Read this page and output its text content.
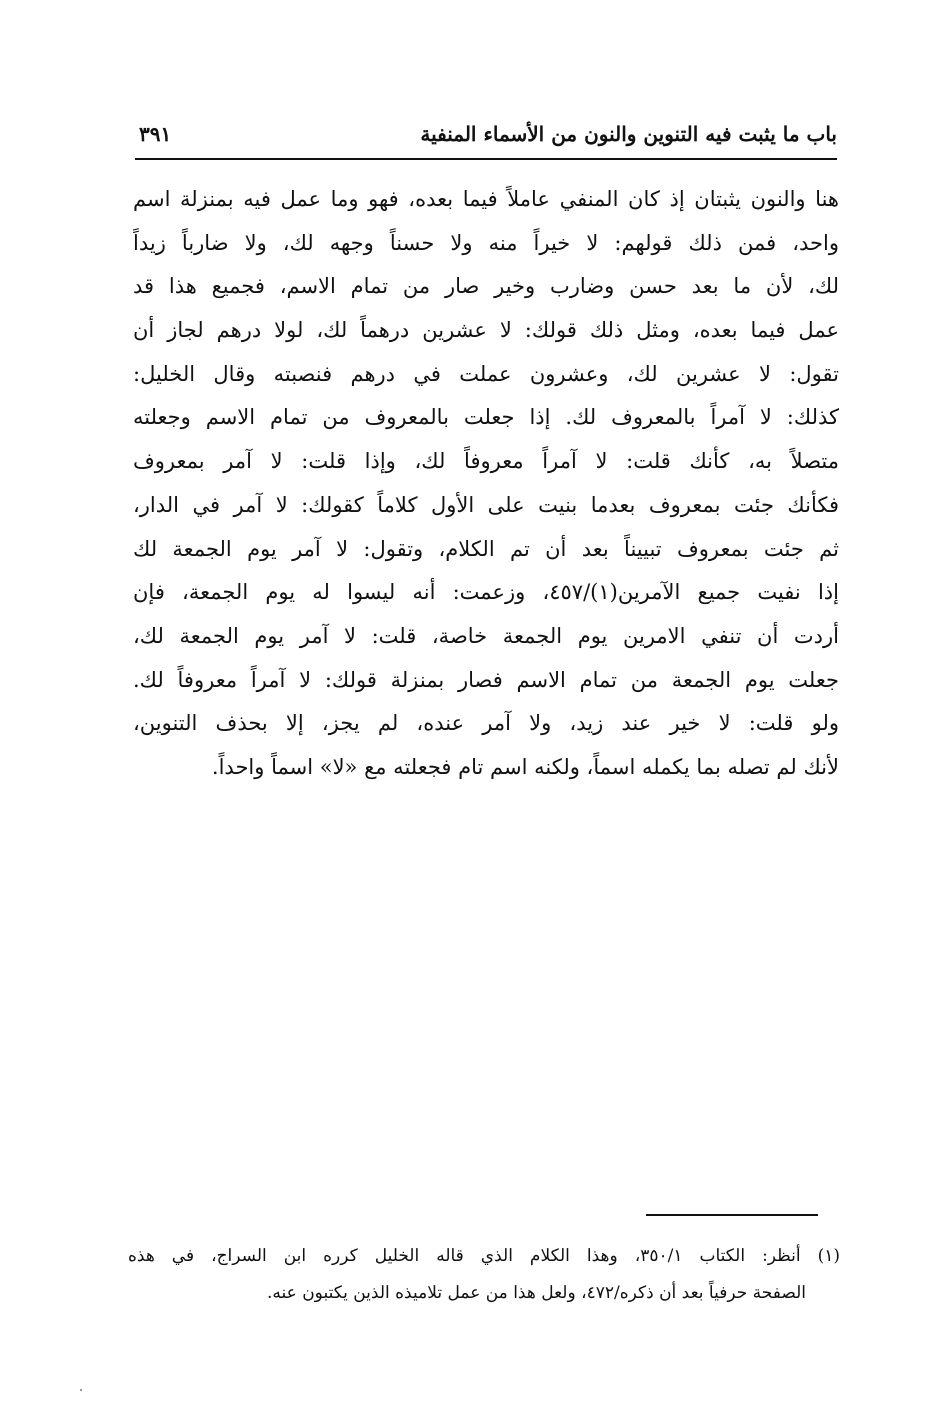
باب ما يثبت فيه التنوين والنون من الأسماء المنفية
٣٩١
هنا والنون يثبتان إذ كان المنفي عاملاً فيما بعده، فهو وما عمل فيه بمنزلة اسم
واحد، فمن ذلك قولهم: لا خيراً منه ولا حسناً وجهه لك، ولا ضارباً زيداً
لك، لأن ما بعد حسن وضارب وخير صار من تمام الاسم، فجميع هذا قد
عمل فيما بعده، ومثل ذلك قولك: لا عشرين درهماً لك، لولا درهم لجاز أن
تقول: لا عشرين لك، وعشرون عملت في درهم فنصبته وقال الخليل:
كذلك: لا آمراً بالمعروف لك. إذا جعلت بالمعروف من تمام الاسم وجعلته
متصلاً به، كأنك قلت: لا آمراً معروفاً لك، وإذا قلت: لا آمر بمعروف
فكأنك جئت بمعروف بعدما بنيت على الأول كلاماً كقولك: لا آمر في الدار،
ثم جئت بمعروف تبييناً بعد أن تم الكلام، وتقول: لا آمر يوم الجمعة لك
إذا نفيت جميع الآمرين(١)/٤٥٧، وزعمت: أنه ليسوا له يوم الجمعة، فإن
أردت أن تنفي الامرين يوم الجمعة خاصة، قلت: لا آمر يوم الجمعة لك،
جعلت يوم الجمعة من تمام الاسم فصار بمنزلة قولك: لا آمراً معروفاً لك.
ولو قلت: لا خير عند زيد، ولا آمر عنده، لم يجز، إلا بحذف التنوين،
لأنك لم تصله بما يكمله اسماً، ولكنه اسم تام فجعلته مع «لا» اسماً واحداً.
(١) أنظر: الكتاب ٣٥٠/١، وهذا الكلام الذي قاله الخليل كرره ابن السراج، في هذه
الصفحة حرفياً بعد أن ذكره/٤٧٢، ولعل هذا من عمل تلاميذه الذين يكتبون عنه.
